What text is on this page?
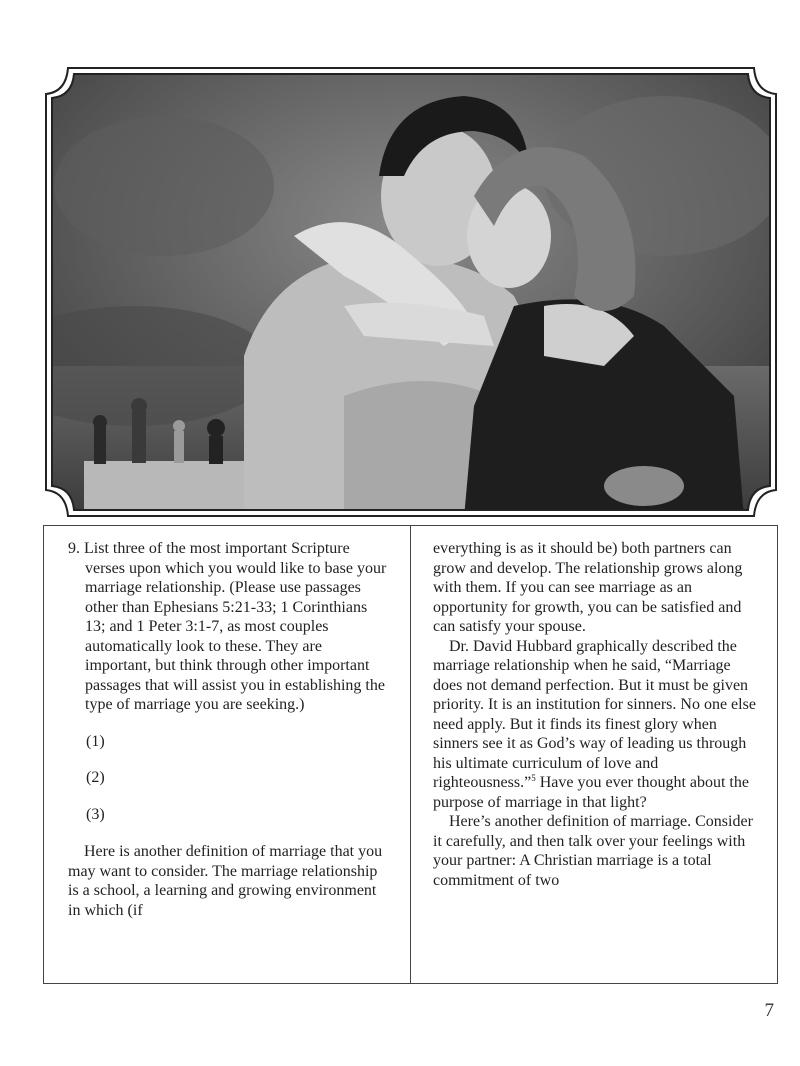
9. List three of the most important Scripture verses upon which you would like to base your marriage relationship. (Please use passages other than Ephesians 5:21-33; 1 Corinthians 13; and 1 Peter 3:1-7, as most couples automatically look to these. They are important, but think through other important passages that will assist you in establishing the type of marriage you are seeking.)

(1)
(2)
(3)

Here is another definition of marriage that you may want to consider. The marriage relationship is a school, a learning and growing environment in which (if

everything is as it should be) both partners can grow and develop. The relationship grows along with them. If you can see marriage as an opportunity for growth, you can be satisfied and can satisfy your spouse.

Dr. David Hubbard graphically described the marriage relationship when he said, “Marriage does not demand perfection. But it must be given priority. It is an institution for sinners. No one else need apply. But it finds its finest glory when sinners see it as God’s way of leading us through his ultimate curriculum of love and righteousness.”$^5$ Have you ever thought about the purpose of marriage in that light?

Here’s another definition of marriage. Consider it carefully, and then talk over your feelings with your partner: A Christian marriage is a total commitment of two

7
